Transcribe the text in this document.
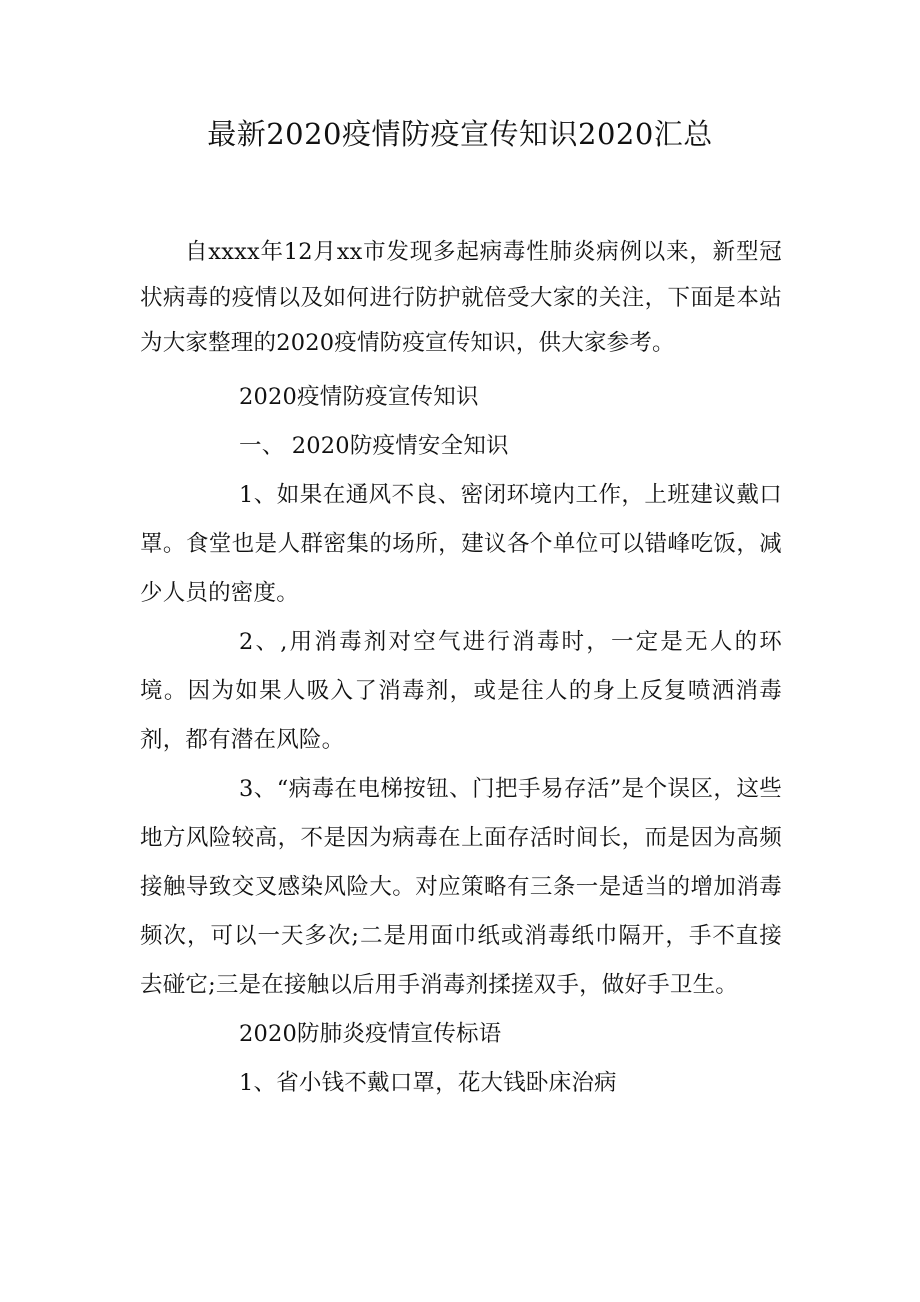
最新2020疫情防疫宣传知识2020汇总

自xxxx年12月xx市发现多起病毒性肺炎病例以来，新型冠状病毒的疫情以及如何进行防护就倍受大家的关注，下面是本站为大家整理的2020疫情防疫宣传知识，供大家参考。

2020疫情防疫宣传知识

一、 2020防疫情安全知识

1、如果在通风不良、密闭环境内工作，上班建议戴口罩。食堂也是人群密集的场所，建议各个单位可以错峰吃饭，减少人员的密度。

2、,用消毒剂对空气进行消毒时，一定是无人的环境。因为如果人吸入了消毒剂，或是往人的身上反复喷洒消毒剂，都有潜在风险。

3、“病毒在电梯按钮、门把手易存活”是个误区，这些地方风险较高，不是因为病毒在上面存活时间长，而是因为高频接触导致交叉感染风险大。对应策略有三条一是适当的增加消毒频次，可以一天多次;二是用面巾纸或消毒纸巾隔开，手不直接去碰它;三是在接触以后用手消毒剂揉搓双手，做好手卫生。

2020防肺炎疫情宣传标语

1、省小钱不戴口罩，花大钱卧床治病
